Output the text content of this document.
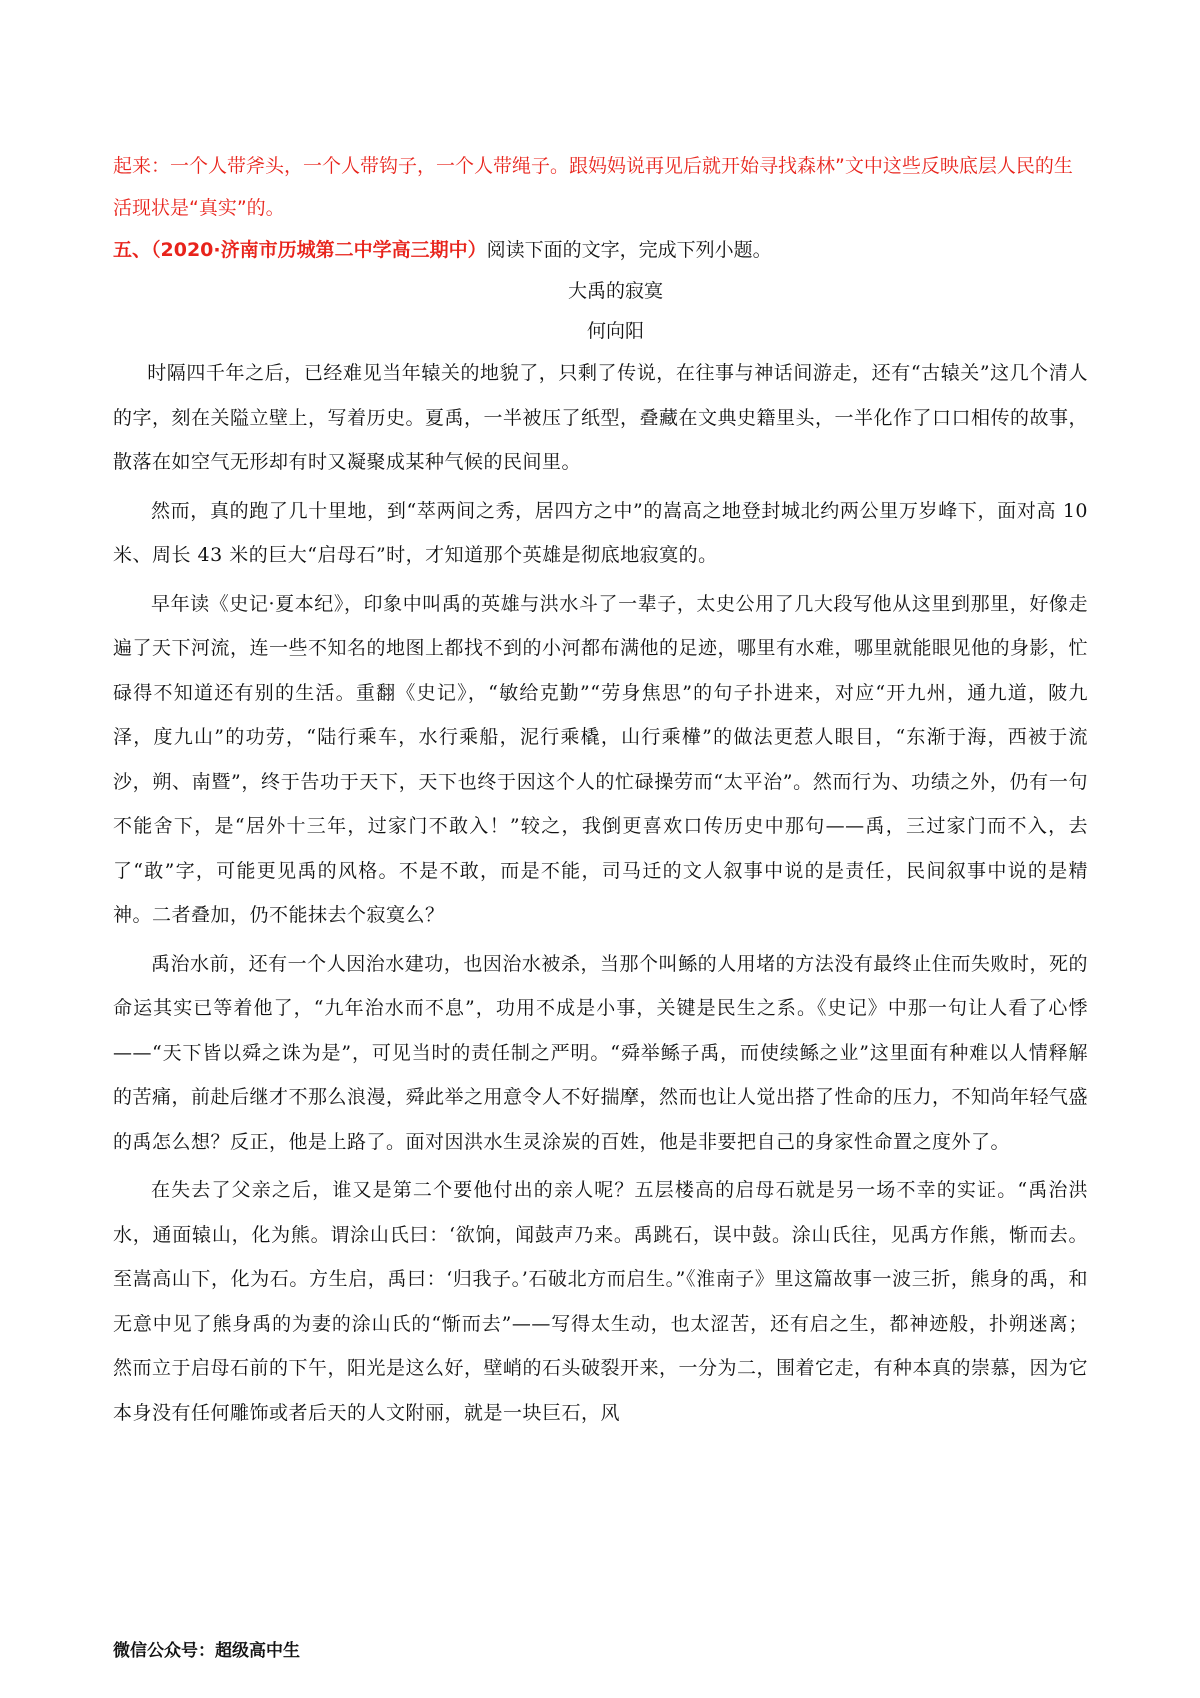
起来：一个人带斧头，一个人带钩子，一个人带绳子。跟妈妈说再见后就开始寻找森林”文中这些反映底层人民的生活现状是“真实”的。

五、（2020·济南市历城第二中学高三期中）阅读下面的文字，完成下列小题。

大禹的寂寞

何向阳

时隔四千年之后，已经难见当年辕关的地貌了，只剩了传说，在往事与神话间游走，还有“古辕关”这几个清人的字，刻在关隘立壁上，写着历史。夏禹，一半被压了纸型，叠藏在文典史籍里头，一半化作了口口相传的故事，散落在如空气无形却有时又凝聚成某种气候的民间里。

然而，真的跑了几十里地，到“萃两间之秀，居四方之中”的嵩高之地登封城北约两公里万岁峰下，面对高 10 米、周长 43 米的巨大“启母石”时，才知道那个英雄是彻底地寂寞的。

早年读《史记·夏本纪》，印象中叫禹的英雄与洪水斗了一辈子，太史公用了几大段写他从这里到那里，好像走遍了天下河流，连一些不知名的地图上都找不到的小河都布满他的足迹，哪里有水难，哪里就能眼见他的身影，忙碌得不知道还有别的生活。重翻《史记》，“敏给克勤”“劳身焦思”的句子扑进来，对应“开九州，通九道，陂九泽，度九山”的功劳，“陆行乘车，水行乘船，泥行乘橇，山行乘檋”的做法更惹人眼目，“东渐于海，西被于流沙，朔、南暨”，终于告功于天下，天下也终于因这个人的忙碌操劳而“太平治”。然而行为、功绩之外，仍有一句不能舍下，是“居外十三年，过家门不敢入！”较之，我倒更喜欢口传历史中那句——禹，三过家门而不入，去了“敢”字，可能更见禹的风格。不是不敢，而是不能，司马迁的文人叙事中说的是责任，民间叙事中说的是精神。二者叠加，仍不能抹去个寂寞么？

禹治水前，还有一个人因治水建功，也因治水被杀，当那个叫鲧的人用堵的方法没有最终止住而失败时，死的命运其实已等着他了，“九年治水而不息”，功用不成是小事，关键是民生之系。《史记》中那一句让人看了心悸——“天下皆以舜之诛为是”，可见当时的责任制之严明。“舜举鲧子禹，而使续鲧之业”这里面有种难以人情释解的苦痛，前赴后继才不那么浪漫，舜此举之用意令人不好揣摩，然而也让人觉出搭了性命的压力，不知尚年轻气盛的禹怎么想？反正，他是上路了。面对因洪水生灵涂炭的百姓，他是非要把自己的身家性命置之度外了。

在失去了父亲之后，谁又是第二个要他付出的亲人呢？五层楼高的启母石就是另一场不幸的实证。“禹治洪水，通面辕山，化为熊。谓涂山氏曰：‘欲饷，闻鼓声乃来。禹跳石，误中鼓。涂山氏往，见禹方作熊，惭而去。至嵩高山下，化为石。方生启，禹曰：‘归我子。’石破北方而启生。”《淮南子》里这篇故事一波三折，熊身的禹，和无意中见了熊身禹的为妻的涂山氏的“惭而去”——写得太生动，也太涩苦，还有启之生，都神迹般，扑朔迷离；然而立于启母石前的下午，阳光是这么好，壁峭的石头破裂开来，一分为二，围着它走，有种本真的崇慕，因为它本身没有任何雕饰或者后天的人文附丽，就是一块巨石，风

微信公众号：超级高中生
